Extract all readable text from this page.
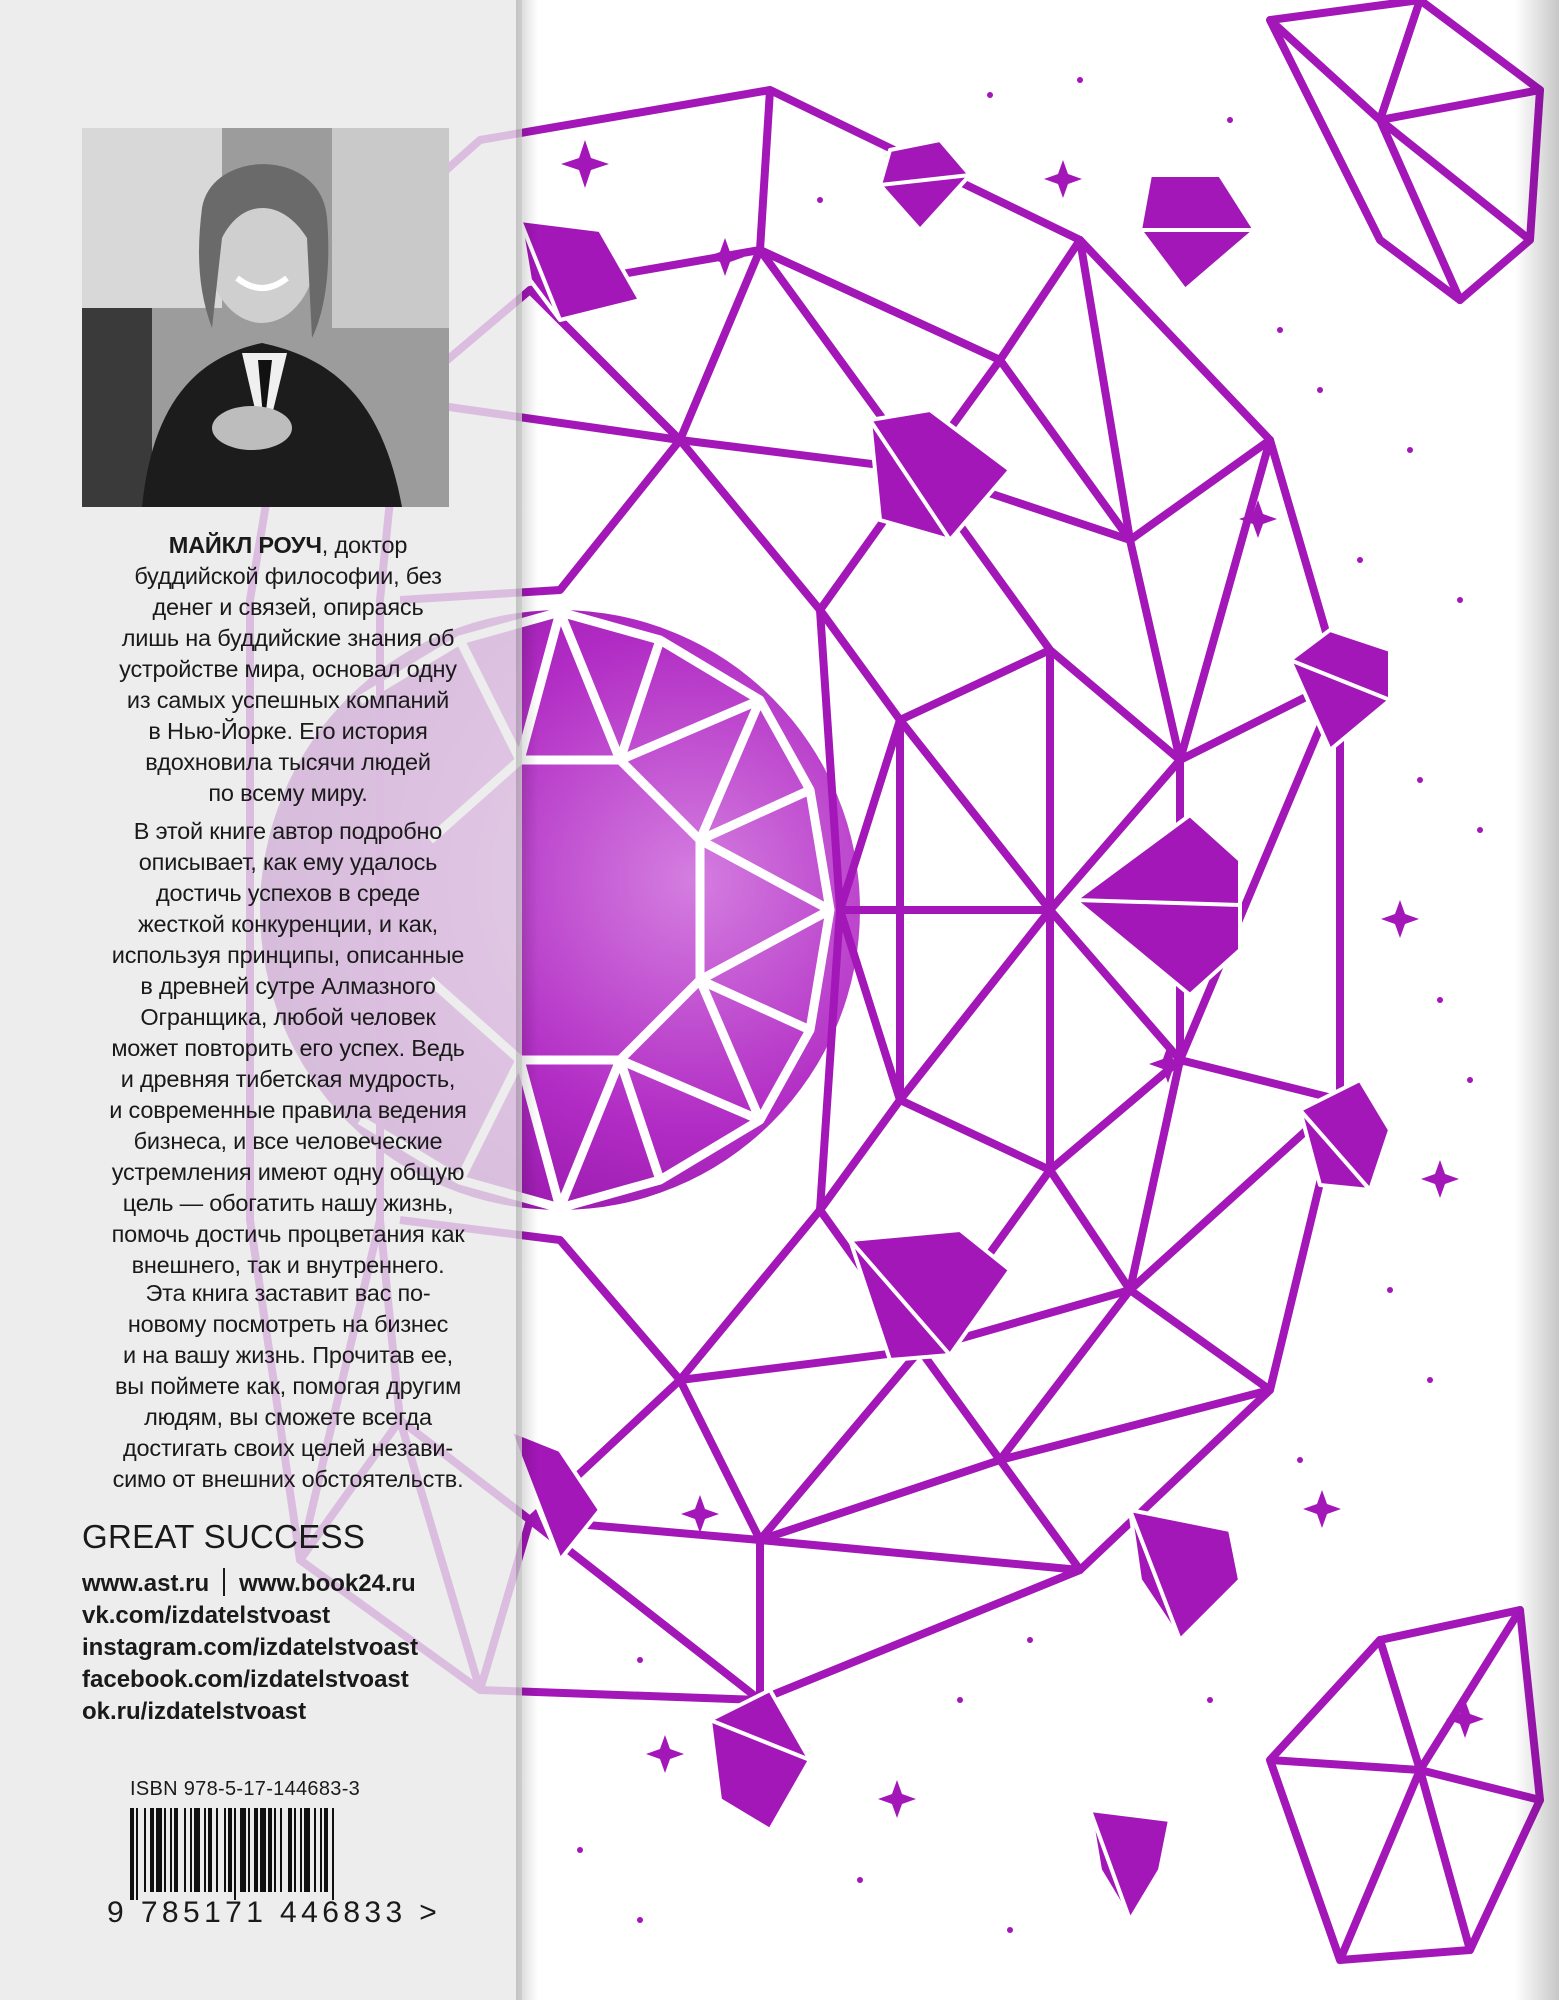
МАЙКЛ РОУЧ, доктор
буддийской философии, без
денег и связей, опираясь
лишь на буддийские знания об
устройстве мира, основал одну
из самых успешных компаний
в Нью-Йорке. Его история
вдохновила тысячи людей
по всему миру.
В этой книге автор подробно
описывает, как ему удалось
достичь успехов в среде
жесткой конкуренции, и как,
используя принципы, описанные
в древней сутре Алмазного
Огранщика, любой человек
может повторить его успех. Ведь
и древняя тибетская мудрость,
и современные правила ведения
бизнеса, и все человеческие
устремления имеют одну общую
цель — обогатить нашу жизнь,
помочь достичь процветания как
внешнего, так и внутреннего.
Эта книга заставит вас по-
новому посмотреть на бизнес
и на вашу жизнь. Прочитав ее,
вы поймете как, помогая другим
людям, вы сможете всегда
достигать своих целей незави-
симо от внешних обстоятельств.
GREAT SUCCESS
www.ast.ru www.book24.ru
vk.com/izdatelstvoast
instagram.com/izdatelstvoast
facebook.com/izdatelstvoast
ok.ru/izdatelstvoast
ISBN 978-5-17-144683-3
9 785171 446833 >
